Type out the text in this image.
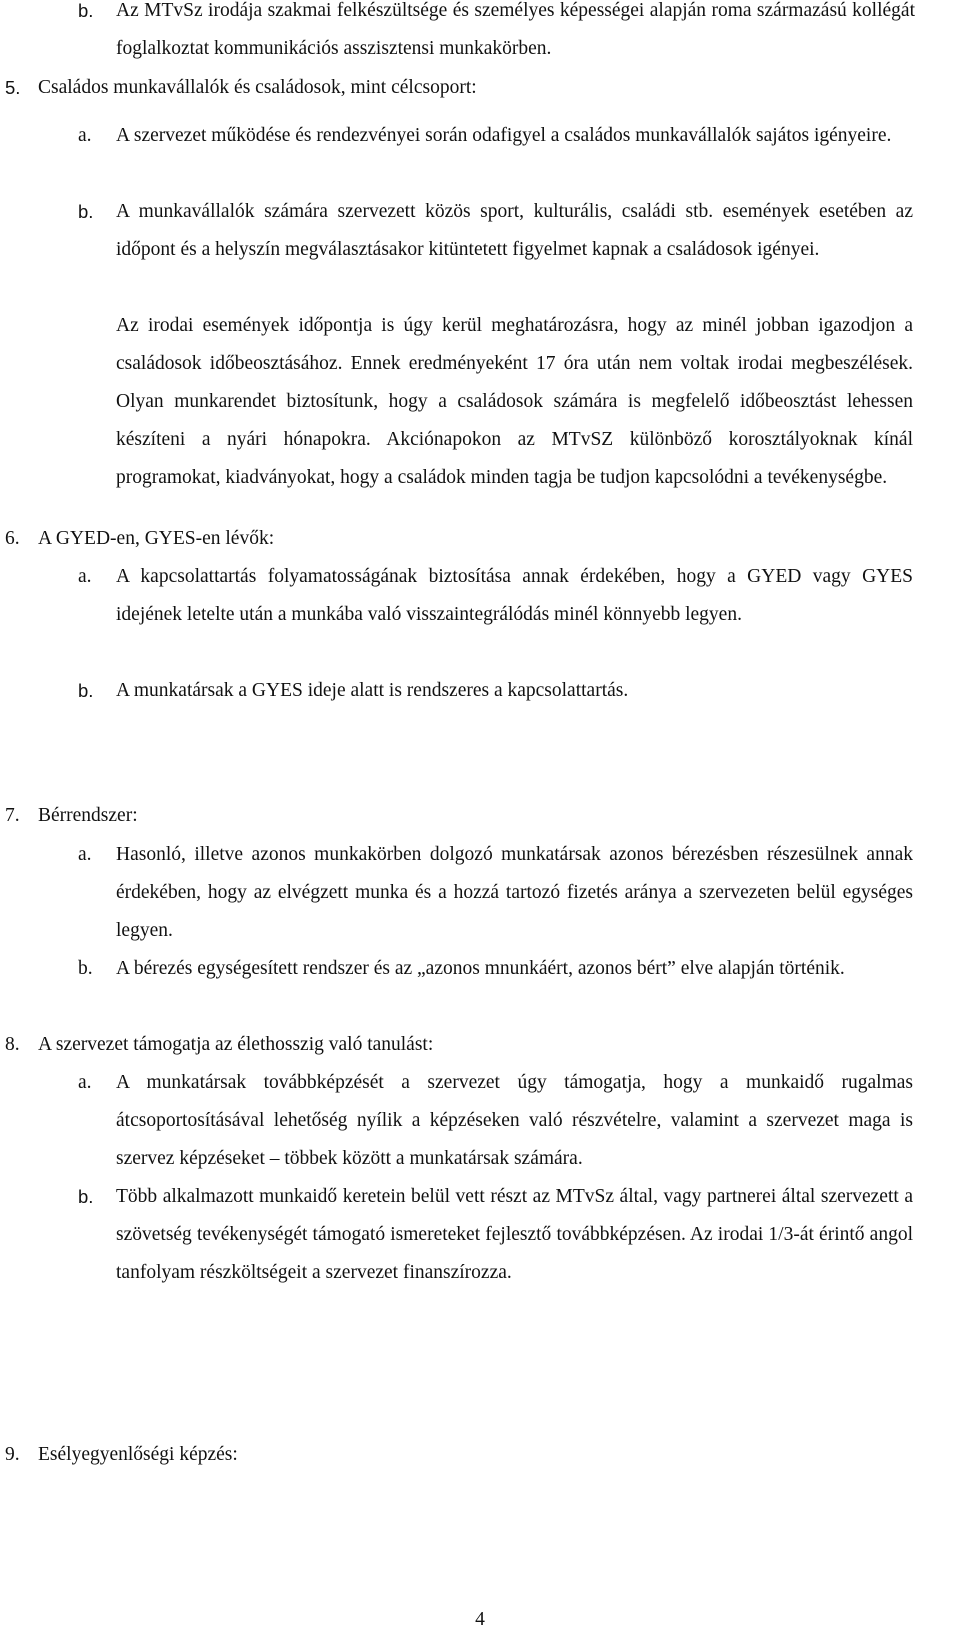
b. Az MTvSz irodája szakmai felkészültsége és személyes képességei alapján roma származású kollégát foglalkoztat kommunikációs asszisztensi munkakörben.
5. Családos munkavállalók és családosok, mint célcsoport:
a. A szervezet működése és rendezvényei során odafigyel a családos munkavállalók sajátos igényeire.
b. A munkavállalók számára szervezett közös sport, kulturális, családi stb. események esetében az időpont és a helyszín megválasztásakor kitüntetett figyelmet kapnak a családosok igényei.
Az irodai események időpontja is úgy kerül meghatározásra, hogy az minél jobban igazodjon a családosok időbeosztásához. Ennek eredményeként 17 óra után nem voltak irodai megbeszélések. Olyan munkarendet biztosítunk, hogy a családosok számára is megfelelő időbeosztást lehessen készíteni a nyári hónapokra. Akciónapokon az MTvSZ különböző korosztályoknak kínál programokat, kiadványokat, hogy a családok minden tagja be tudjon kapcsolódni a tevékenységbe.
6. A GYED-en, GYES-en lévők:
a. A kapcsolattartás folyamatosságának biztosítása annak érdekében, hogy a GYED vagy GYES idejének letelte után a munkába való visszaintegrálódás minél könnyebb legyen.
b. A munkatársak a GYES ideje alatt is rendszeres a kapcsolattartás.
7. Bérrendszer:
a. Hasonló, illetve azonos munkakörben dolgozó munkatársak azonos bérezésben részesülnek annak érdekében, hogy az elvégzett munka és a hozzá tartozó fizetés aránya a szervezeten belül egységes legyen.
b. A bérezés egységesített rendszer és az „azonos mnunkáért, azonos bért” elve alapján történik.
8. A szervezet támogatja az élethosszig való tanulást:
a. A munkatársak továbbképzését a szervezet úgy támogatja, hogy a munkaidő rugalmas átcsoportosításával lehetőség nyílik a képzéseken való részvételre, valamint a szervezet maga is szervez képzéseket – többek között a munkatársak számára.
b. Több alkalmazott munkaidő keretein belül vett részt az MTvSz által, vagy partnerei által szervezett a szövetség tevékenységét támogató ismereteket fejlesztő továbbképzésen. Az irodai 1/3-át érintő angol tanfolyam részköltségeit a szervezet finanszírozza.
9. Esélyegyenlőségi képzés:
4
